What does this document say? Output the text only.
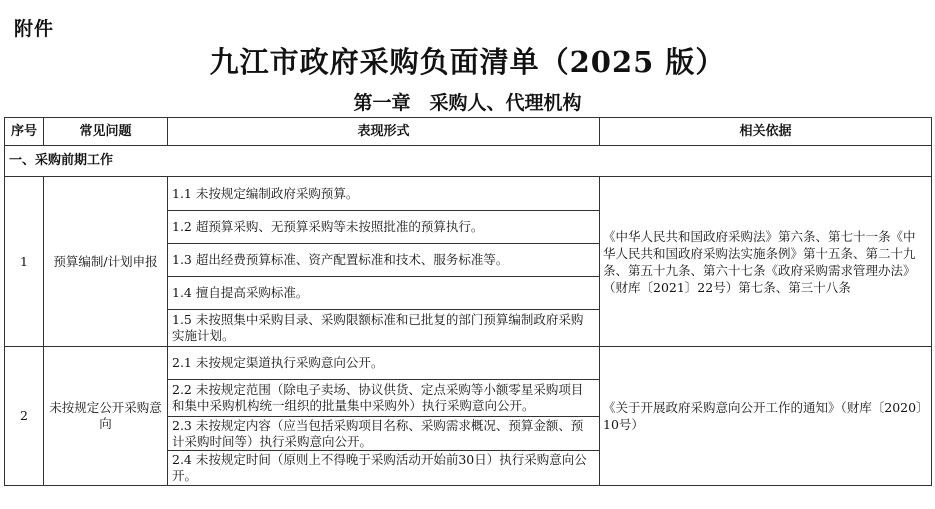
附件
九江市政府采购负面清单（2025 版）
第一章　采购人、代理机构
序号	常见问题	表现形式	相关依据
一、采购前期工作			
1	预算编制/计划申报	1.1 未按规定编制政府采购预算。	《中华人民共和国政府采购法》第六条、第七十一条《中华人民共和国政府采购法实施条例》第十五条、第二十九条、第五十九条、第六十七条《政府采购需求管理办法》（财库〔2021〕22号）第七条、第三十八条
		1.2 超预算采购、无预算采购等未按照批准的预算执行。	
		1.3 超出经费预算标准、资产配置标准和技术、服务标准等。	
		1.4 擅自提高采购标准。	
		1.5 未按照集中采购目录、采购限额标准和已批复的部门预算编制政府采购实施计划。	
2	未按规定公开采购意向	2.1 未按规定渠道执行采购意向公开。	《关于开展政府采购意向公开工作的通知》（财库〔2020〕10号）
		2.2 未按规定范围（除电子卖场、协议供货、定点采购等小额零星采购项目和集中采购机构统一组织的批量集中采购外）执行采购意向公开。	
		2.3 未按规定内容（应当包括采购项目名称、采购需求概况、预算金额、预计采购时间等）执行采购意向公开。	
		2.4 未按规定时间（原则上不得晚于采购活动开始前30日）执行采购意向公开。	
